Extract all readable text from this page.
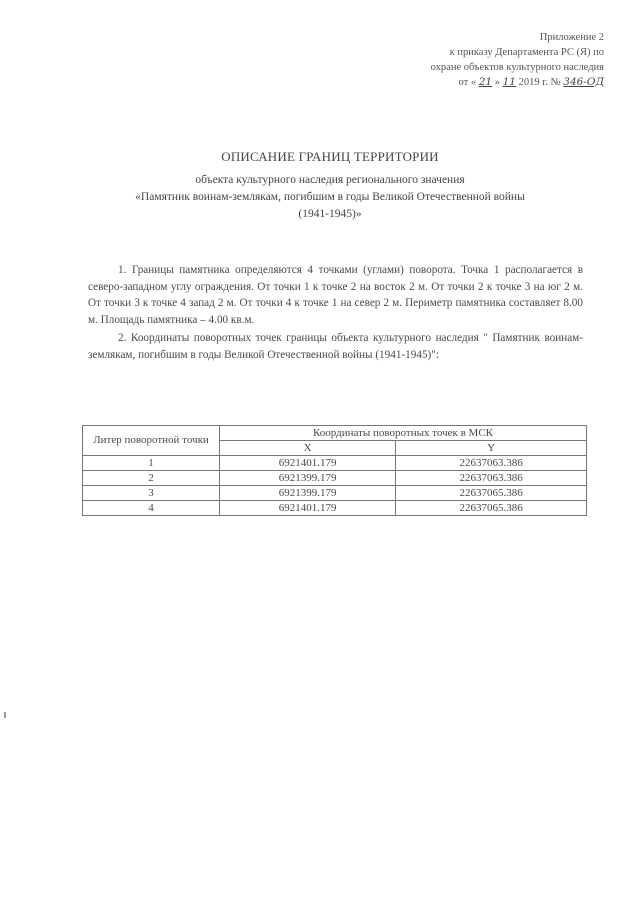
Приложение 2
к приказу Департамента РС (Я) по
охране объектов культурного наследия
от « 21 » 11 2019 г. № 346-ОД
ОПИСАНИЕ ГРАНИЦ ТЕРРИТОРИИ
объекта культурного наследия регионального значения
«Памятник воинам-землякам, погибшим в годы Великой Отечественной войны
(1941-1945)»

1. Границы памятника определяются 4 точками (углами) поворота. Точка 1 располагается в северо-западном углу ограждения. От точки 1 к точке 2 на восток 2 м. От точки 2 к точке 3 на юг 2 м. От точки 3 к точке 4 запад 2 м. От точки 4 к точке 1 на север 2 м. Периметр памятника составляет 8.00 м. Площадь памятника – 4.00 кв.м.

2. Координаты поворотных точек границы объекта культурного наследия " Памятник воинам-землякам, погибшим в годы Великой Отечественной войны (1941-1945)":

Литер поворотной точки	Координаты поворотных точек в МСК	
	X	Y
1	6921401.179	22637063.386
2	6921399.179	22637063.386
3	6921399.179	22637065.386
4	6921401.179	22637065.386
